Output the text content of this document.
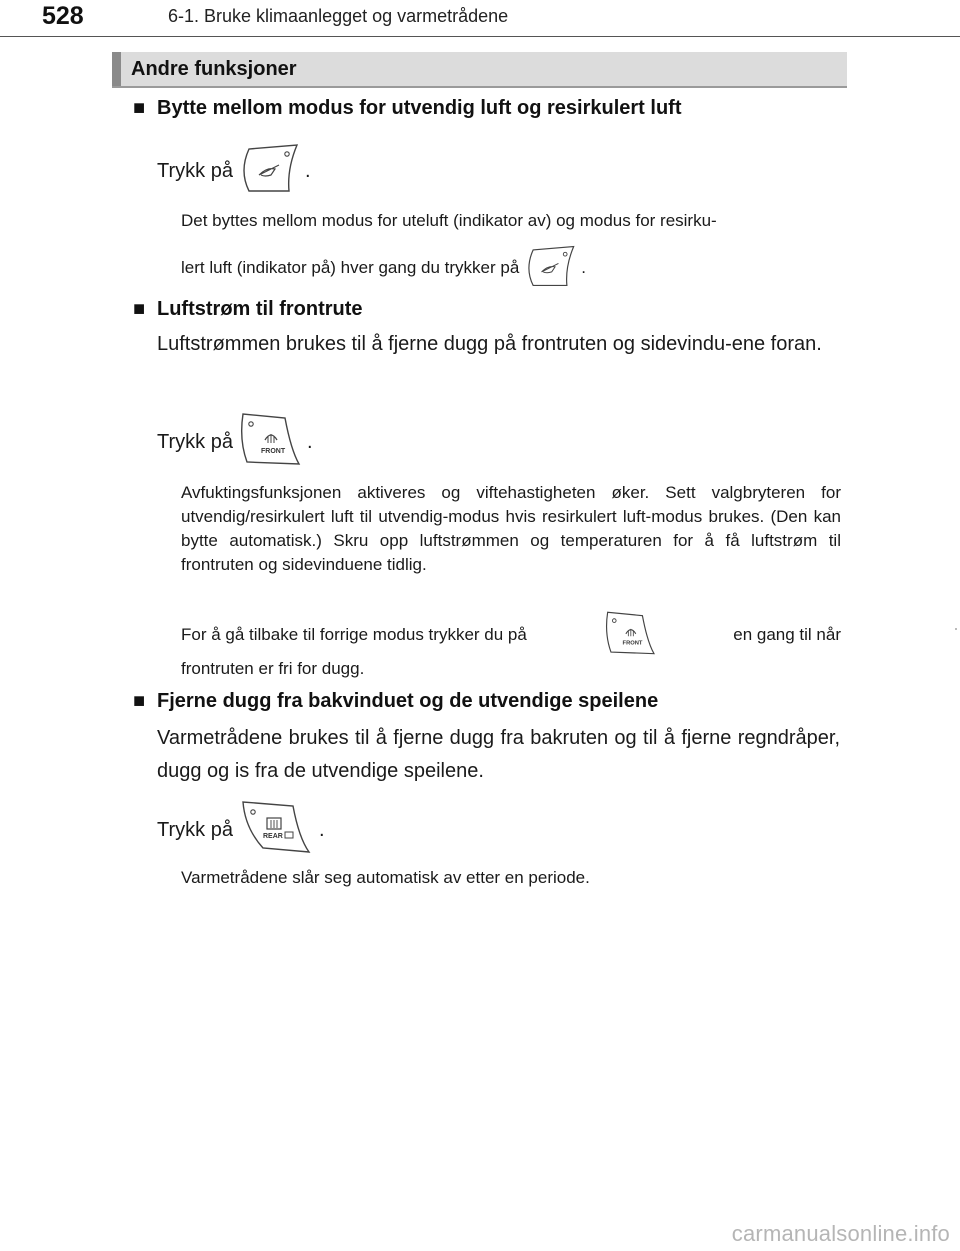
528	6-1. Bruke klimaanlegget og varmetrådene
Andre funksjoner
■ Bytte mellom modus for utvendig luft og resirkulert luft
Trykk på	.
Det byttes mellom modus for uteluft (indikator av) og modus for resirku-
lert luft (indikator på) hver gang du trykker på	.
■ Luftstrøm til frontrute
Luftstrømmen brukes til å fjerne dugg på frontruten og sidevindu-ene foran.
Trykk på	FRONT .
Avfuktingsfunksjonen aktiveres og viftehastigheten øker. Sett valgbryteren for utvendig/resirkulert luft til utvendig-modus hvis resirkulert luft-modus brukes. (Den kan bytte automatisk.) Skru opp luftstrømmen og temperaturen for å få luftstrøm til frontruten og sidevinduene tidlig.
For å gå tilbake til forrige modus trykker du på	FRONT	en gang til når
frontruten er fri for dugg.
■ Fjerne dugg fra bakvinduet og de utvendige speilene
Varmetrådene brukes til å fjerne dugg fra bakruten og til å fjerne regndråper, dugg og is fra de utvendige speilene.
Trykk på	REAR .
Varmetrådene slår seg automatisk av etter en periode.
carmanualsonline.info
